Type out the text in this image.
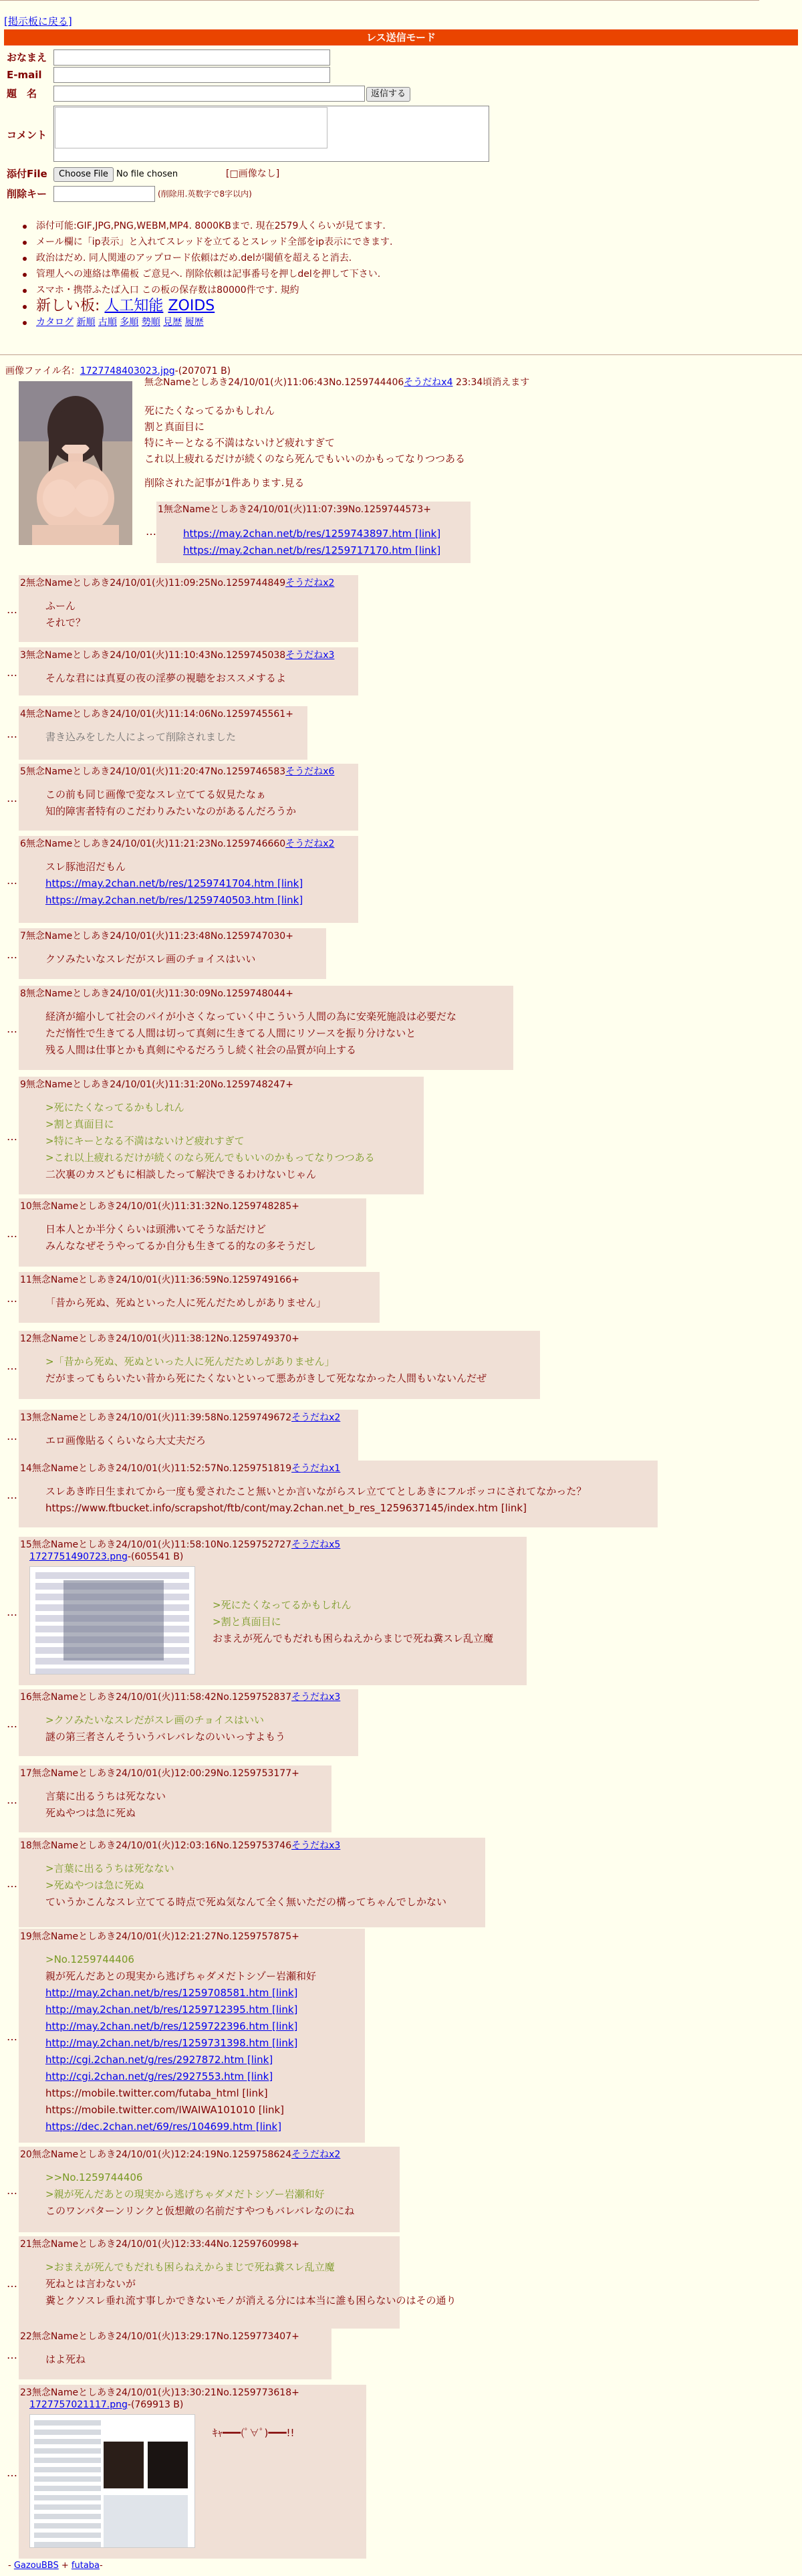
[掲示板に戻る]
レス送信モード
おなまえ
E-mail
題　名	返信する
コメント
添付File	Choose File No file chosen	[□画像なし]
削除キー	(削除用.英数字で8字以内)
添付可能:GIF,JPG,PNG,WEBM,MP4. 8000KBまで. 現在2579人くらいが見てます.
メール欄に「ip表示」と入れてスレッドを立てるとスレッド全部をip表示にできます.
政治はだめ. 同人関連のアップロード依頼はだめ.delが閾値を超えると消去.
管理人への連絡は準備板 ご意見へ. 削除依頼は記事番号を押しdelを押して下さい.
スマホ・携帯ふたば入口 この板の保存数は80000件です. 規約
新しい板: 人工知能 ZOIDS
カタログ 新順 古順 多順 勢順 見歴 履歴
画像ファイル名：1727748403023.jpg-(207071 B)
無念Nameとしあき24/10/01(火)11:06:43No.1259744406そうだねx4 23:34頃消えます
死にたくなってるかもしれん
割と真面目に
特にキーとなる不満はないけど疲れすぎて
これ以上疲れるだけが続くのなら死んでもいいのかもってなりつつある
削除された記事が1件あります.見る
1無念Nameとしあき24/10/01(火)11:07:39No.1259744573+
https://may.2chan.net/b/res/1259743897.htm [link]
https://may.2chan.net/b/res/1259717170.htm [link]
…
2無念Nameとしあき24/10/01(火)11:09:25No.1259744849そうだねx2
ふーん
それで？
…
3無念Nameとしあき24/10/01(火)11:10:43No.1259745038そうだねx3
そんな君には真夏の夜の淫夢の視聴をおススメするよ
…
4無念Nameとしあき24/10/01(火)11:14:06No.1259745561+
書き込みをした人によって削除されました
…
5無念Nameとしあき24/10/01(火)11:20:47No.1259746583そうだねx6
この前も同じ画像で変なスレ立ててる奴見たなぁ
知的障害者特有のこだわりみたいなのがあるんだろうか
…
6無念Nameとしあき24/10/01(火)11:21:23No.1259746660そうだねx2
スレ豚池沼だもん
https://may.2chan.net/b/res/1259741704.htm [link]
https://may.2chan.net/b/res/1259740503.htm [link]
…
7無念Nameとしあき24/10/01(火)11:23:48No.1259747030+
クソみたいなスレだがスレ画のチョイスはいい
…
8無念Nameとしあき24/10/01(火)11:30:09No.1259748044+
経済が縮小して社会のパイが小さくなっていく中こういう人間の為に安楽死施設は必要だな
ただ惰性で生きてる人間は切って真剣に生きてる人間にリソースを振り分けないと
残る人間は仕事とかも真剣にやるだろうし続く社会の品質が向上する
…
9無念Nameとしあき24/10/01(火)11:31:20No.1259748247+
>死にたくなってるかもしれん
>割と真面目に
>特にキーとなる不満はないけど疲れすぎて
>これ以上疲れるだけが続くのなら死んでもいいのかもってなりつつある
二次裏のカスどもに相談したって解決できるわけないじゃん
…
10無念Nameとしあき24/10/01(火)11:31:32No.1259748285+
日本人とか半分くらいは頭沸いてそうな話だけど
みんななぜそうやってるか自分も生きてる的なの多そうだし
…
11無念Nameとしあき24/10/01(火)11:36:59No.1259749166+
「昔から死ぬ、死ぬといった人に死んだためしがありません」
…
12無念Nameとしあき24/10/01(火)11:38:12No.1259749370+
>「昔から死ぬ、死ぬといった人に死んだためしがありません」
だがまってもらいたい昔から死にたくないといって悪あがきして死ななかった人間もいないんだぜ
…
13無念Nameとしあき24/10/01(火)11:39:58No.1259749672そうだねx2
エロ画像貼るくらいなら大丈夫だろ
…
14無念Nameとしあき24/10/01(火)11:52:57No.1259751819そうだねx1
スレあき昨日生まれてから一度も愛されたこと無いとか言いながらスレ立ててとしあきにフルボッコにされてなかった？
https://www.ftbucket.info/scrapshot/ftb/cont/may.2chan.net_b_res_1259637145/index.htm [link]
…
15無念Nameとしあき24/10/01(火)11:58:10No.1259752727そうだねx5
1727751490723.png-(605541 B)
>死にたくなってるかもしれん
>割と真面目に
おまえが死んでもだれも困らねえからまじで死ね糞スレ乱立魔
…
16無念Nameとしあき24/10/01(火)11:58:42No.1259752837そうだねx3
>クソみたいなスレだがスレ画のチョイスはいい
謎の第三者さんそういうバレバレなのいいっすよもう
…
17無念Nameとしあき24/10/01(火)12:00:29No.1259753177+
言葉に出るうちは死なない
死ぬやつは急に死ぬ
…
18無念Nameとしあき24/10/01(火)12:03:16No.1259753746そうだねx3
>言葉に出るうちは死なない
>死ぬやつは急に死ぬ
ていうかこんなスレ立ててる時点で死ぬ気なんて全く無いただの構ってちゃんでしかない
…
19無念Nameとしあき24/10/01(火)12:21:27No.1259757875+
>No.1259744406
親が死んだあとの現実から逃げちゃダメだトシゾー岩瀬和好
http://may.2chan.net/b/res/1259708581.htm [link]
http://may.2chan.net/b/res/1259712395.htm [link]
http://may.2chan.net/b/res/1259722396.htm [link]
http://may.2chan.net/b/res/1259731398.htm [link]
http://cgi.2chan.net/g/res/2927872.htm [link]
http://cgi.2chan.net/g/res/2927553.htm [link]
https://mobile.twitter.com/futaba_html [link]
https://mobile.twitter.com/IWAIWA101010 [link]
https://dec.2chan.net/69/res/104699.htm [link]
…
20無念Nameとしあき24/10/01(火)12:24:19No.1259758624そうだねx2
>>No.1259744406
>親が死んだあとの現実から逃げちゃダメだトシゾー岩瀬和好
このワンパターンリンクと仮想敵の名前だすやつもバレバレなのにね
…
21無念Nameとしあき24/10/01(火)12:33:44No.1259760998+
>おまえが死んでもだれも困らねえからまじで死ね糞スレ乱立魔
死ねとは言わないが
糞とクソスレ垂れ流す事しかできないモノが消える分には本当に誰も困らないのはその通り
…
22無念Nameとしあき24/10/01(火)13:29:17No.1259773407+
はよ死ね
…
23無念Nameとしあき24/10/01(火)13:30:21No.1259773618+
1727757021117.png-(769913 B)
ｷｬ━━━(ﾟ∀ﾟ)━━━!!
…
- GazouBBS + futaba-
